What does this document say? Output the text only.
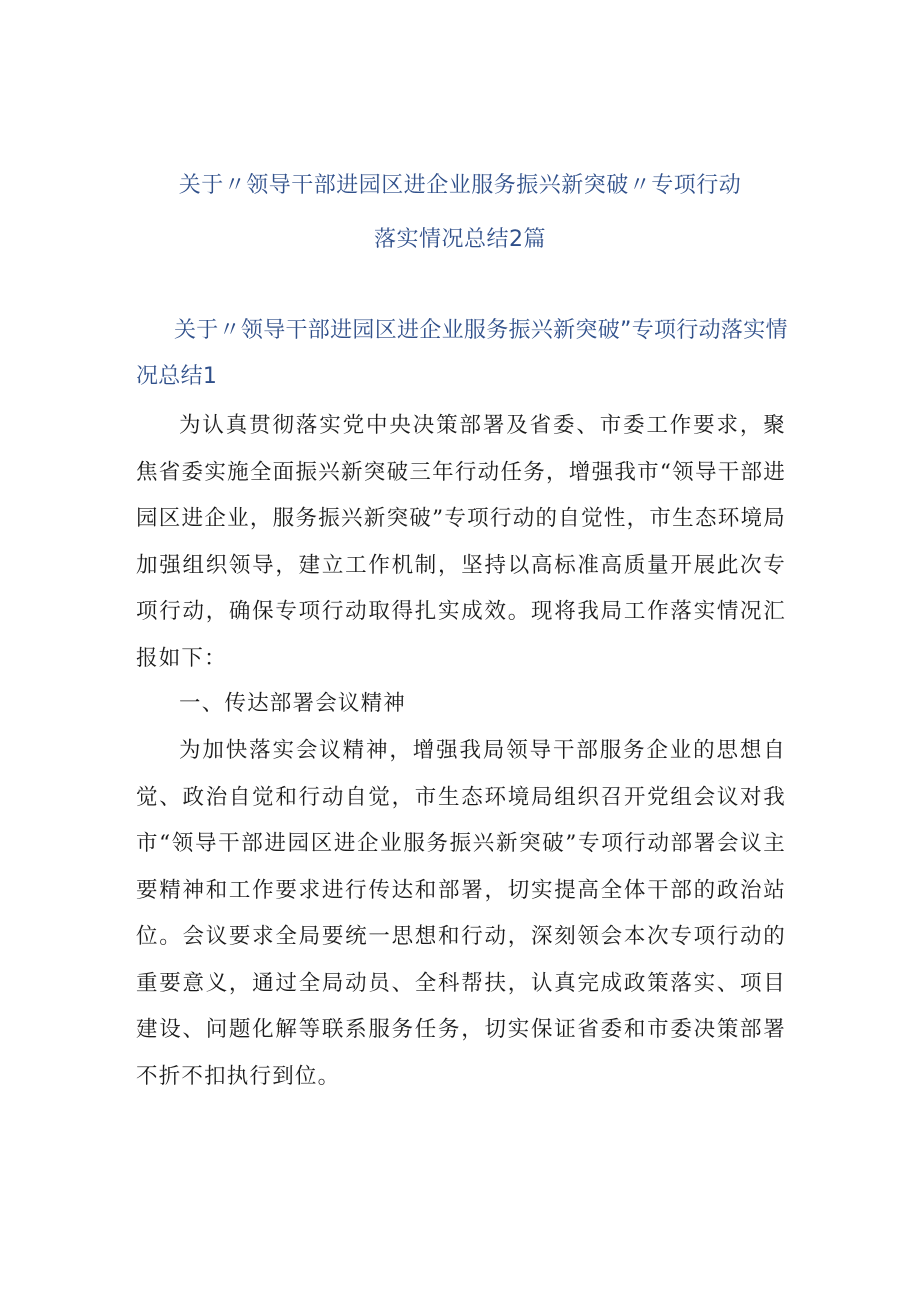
关于〃领导干部进园区进企业服务振兴新突破〃专项行动
落实情况总结2篇
关于〃领导干部进园区进企业服务振兴新突破”专项行动落实情况总结1

为认真贯彻落实党中央决策部署及省委、市委工作要求，聚焦省委实施全面振兴新突破三年行动任务，增强我市“领导干部进园区进企业，服务振兴新突破”专项行动的自觉性，市生态环境局加强组织领导，建立工作机制，坚持以高标准高质量开展此次专项行动，确保专项行动取得扎实成效。现将我局工作落实情况汇报如下：

一、传达部署会议精神

为加快落实会议精神，增强我局领导干部服务企业的思想自觉、政治自觉和行动自觉，市生态环境局组织召开党组会议对我市“领导干部进园区进企业服务振兴新突破”专项行动部署会议主要精神和工作要求进行传达和部署，切实提高全体干部的政治站位。会议要求全局要统一思想和行动，深刻领会本次专项行动的重要意义，通过全局动员、全科帮扶，认真完成政策落实、项目建设、问题化解等联系服务任务，切实保证省委和市委决策部署不折不扣执行到位。
